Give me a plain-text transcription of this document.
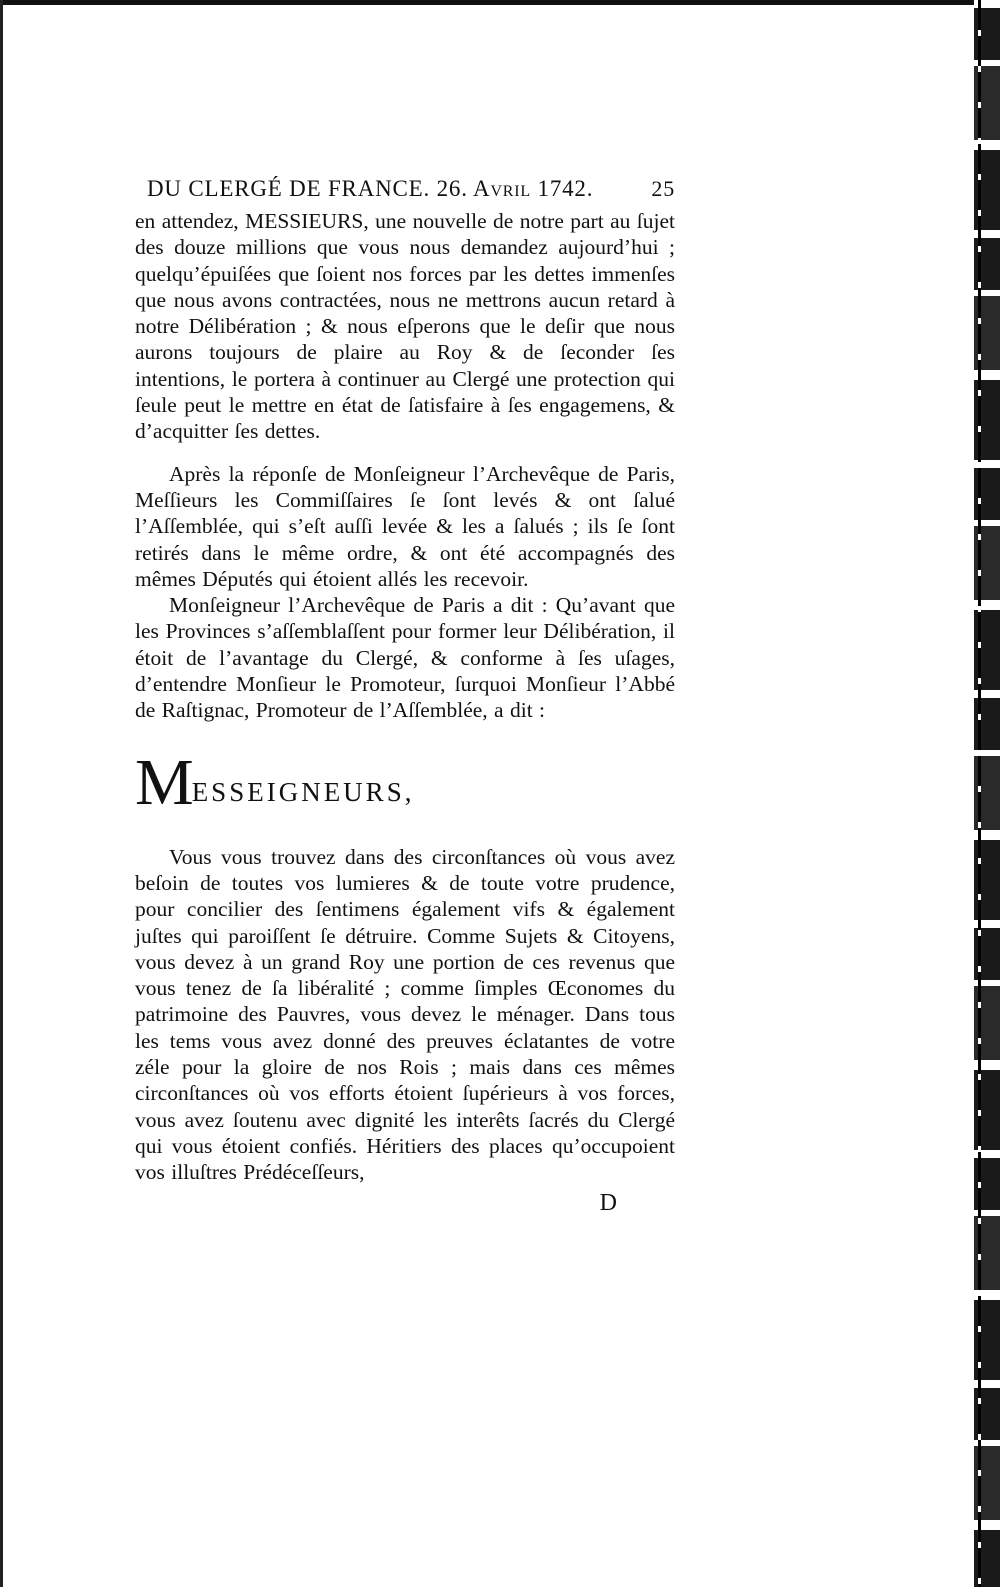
DU CLERGÉ DE FRANCE. 26. Avril 1742.	25

en attendez, MESSIEURS, une nouvelle de notre part au ſujet des douze millions que vous nous demandez aujourd’hui ; quelqu’épuiſées que ſoient nos forces par les dettes immenſes que nous avons contractées, nous ne mettrons aucun retard à notre Délibération ; & nous eſperons que le deſir que nous aurons toujours de plaire au Roy & de ſeconder ſes intentions, le portera à continuer au Clergé une protection qui ſeule peut le mettre en état de ſatisfaire à ſes engagemens, & d’acquitter ſes dettes.

Après la réponſe de Monſeigneur l’Archevêque de Paris, Meſſieurs les Commiſſaires ſe ſont levés & ont ſalué l’Aſſemblée, qui s’eſt auſſi levée & les a ſalués ; ils ſe ſont retirés dans le même ordre, & ont été accompagnés des mêmes Députés qui étoient allés les recevoir.

Monſeigneur l’Archevêque de Paris a dit : Qu’avant que les Provinces s’aſſemblaſſent pour former leur Délibération, il étoit de l’avantage du Clergé, & conforme à ſes uſages, d’entendre Monſieur le Promoteur, ſurquoi Monſieur l’Abbé de Raſtignac, Promoteur de l’Aſſemblée, a dit :

M ESSEIGNEURS,

Vous vous trouvez dans des circonſtances où vous avez beſoin de toutes vos lumieres & de toute votre prudence, pour concilier des ſentimens également vifs & également juſtes qui paroiſſent ſe détruire. Comme Sujets & Citoyens, vous devez à un grand Roy une portion de ces revenus que vous tenez de ſa libéralité ; comme ſimples Œconomes du patrimoine des Pauvres, vous devez le ménager. Dans tous les tems vous avez donné des preuves éclatantes de votre zéle pour la gloire de nos Rois ; mais dans ces mêmes circonſtances où vos efforts étoient ſupérieurs à vos forces, vous avez ſoutenu avec dignité les interêts ſacrés du Clergé qui vous étoient confiés. Héritiers des places qu’occupoient vos illuſtres Prédéceſſeurs,

D
